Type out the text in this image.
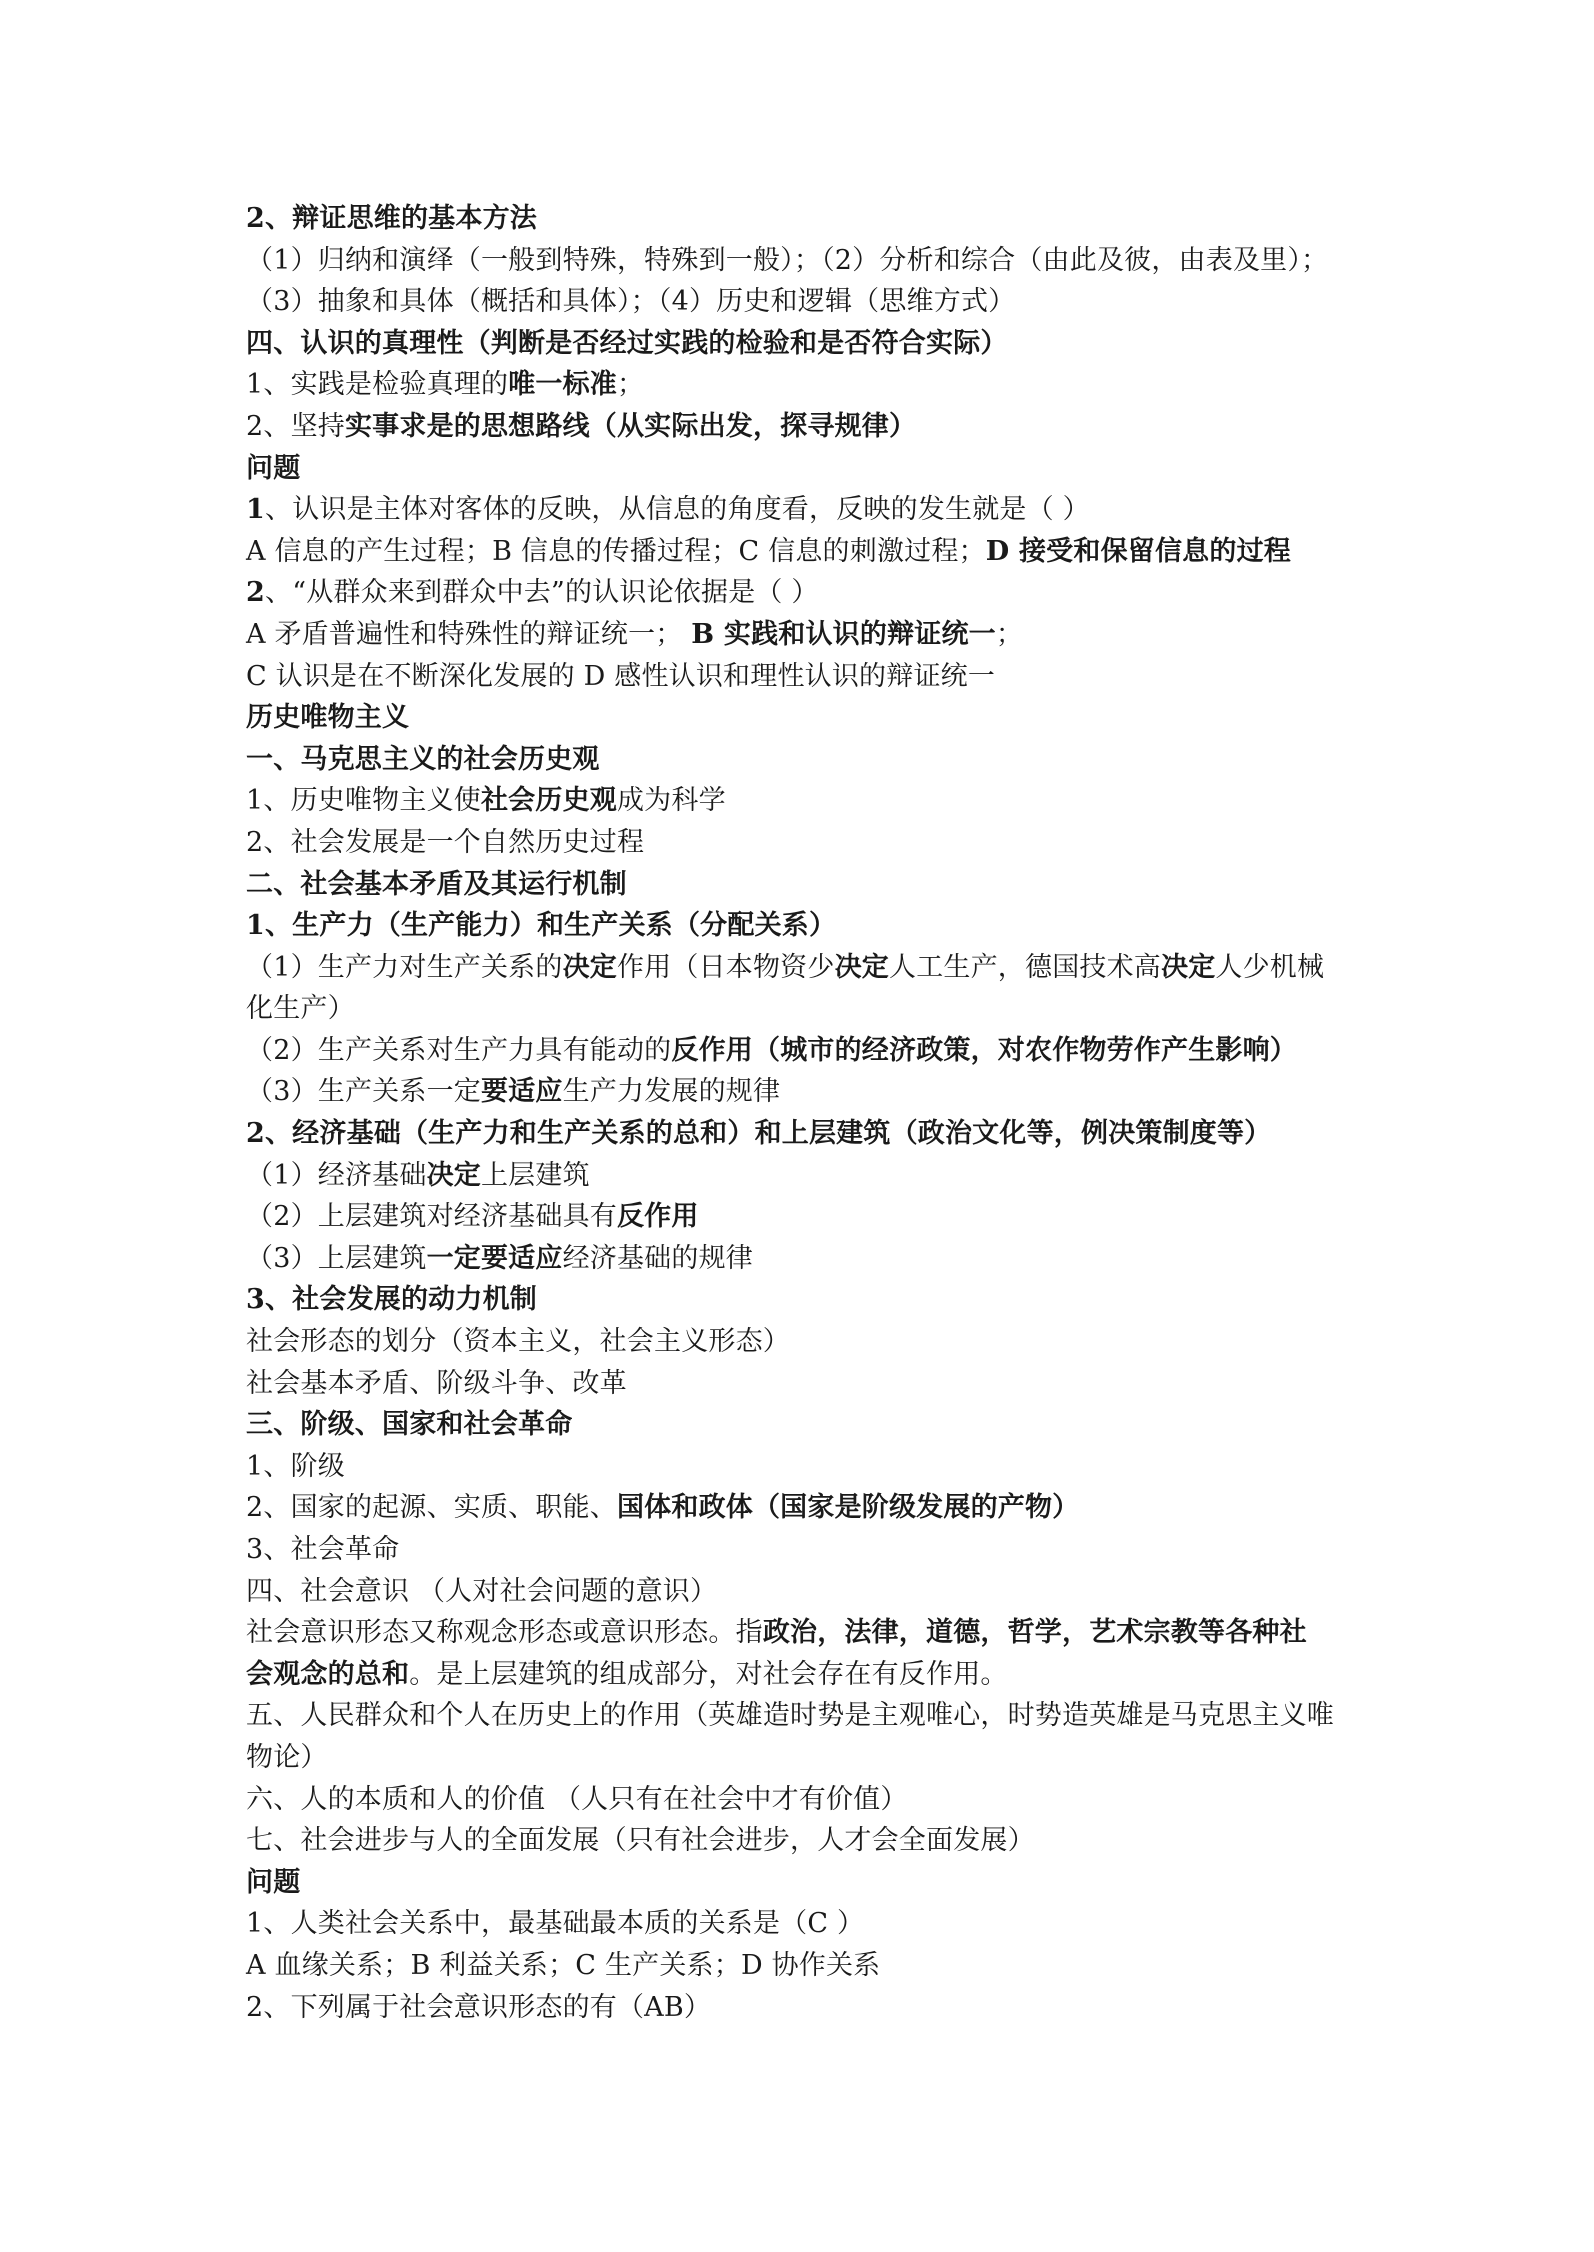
2、辩证思维的基本方法
（1）归纳和演绎（一般到特殊，特殊到一般）；（2）分析和综合（由此及彼，由表及里）；
（3）抽象和具体（概括和具体）；（4）历史和逻辑（思维方式）
四、认识的真理性（判断是否经过实践的检验和是否符合实际）
1、实践是检验真理的唯一标准；
2、坚持实事求是的思想路线（从实际出发，探寻规律）
问题
1、认识是主体对客体的反映，从信息的角度看，反映的发生就是（ ）
A 信息的产生过程；B 信息的传播过程；C 信息的刺激过程；D 接受和保留信息的过程
2、“从群众来到群众中去”的认识论依据是（ ）
A 矛盾普遍性和特殊性的辩证统一； B 实践和认识的辩证统一；
C 认识是在不断深化发展的 D 感性认识和理性认识的辩证统一
历史唯物主义
一、马克思主义的社会历史观
1、历史唯物主义使社会历史观成为科学
2、社会发展是一个自然历史过程
二、社会基本矛盾及其运行机制
1、生产力（生产能力）和生产关系（分配关系）
（1）生产力对生产关系的决定作用（日本物资少决定人工生产，德国技术高决定人少机械
化生产）
（2）生产关系对生产力具有能动的反作用（城市的经济政策，对农作物劳作产生影响）
（3）生产关系一定要适应生产力发展的规律
2、经济基础（生产力和生产关系的总和）和上层建筑（政治文化等，例决策制度等）
（1）经济基础决定上层建筑
（2）上层建筑对经济基础具有反作用
（3）上层建筑一定要适应经济基础的规律
3、社会发展的动力机制
社会形态的划分（资本主义，社会主义形态）
社会基本矛盾、阶级斗争、改革
三、阶级、国家和社会革命
1、阶级
2、国家的起源、实质、职能、国体和政体（国家是阶级发展的产物）
3、社会革命
四、社会意识 （人对社会问题的意识）
社会意识形态又称观念形态或意识形态。指政治，法律，道德，哲学，艺术宗教等各种社
会观念的总和。是上层建筑的组成部分，对社会存在有反作用。
五、人民群众和个人在历史上的作用（英雄造时势是主观唯心，时势造英雄是马克思主义唯
物论）
六、人的本质和人的价值 （人只有在社会中才有价值）
七、社会进步与人的全面发展（只有社会进步，人才会全面发展）
问题
1、人类社会关系中，最基础最本质的关系是（C ）
A 血缘关系；B 利益关系；C 生产关系；D 协作关系
2、下列属于社会意识形态的有（AB）
